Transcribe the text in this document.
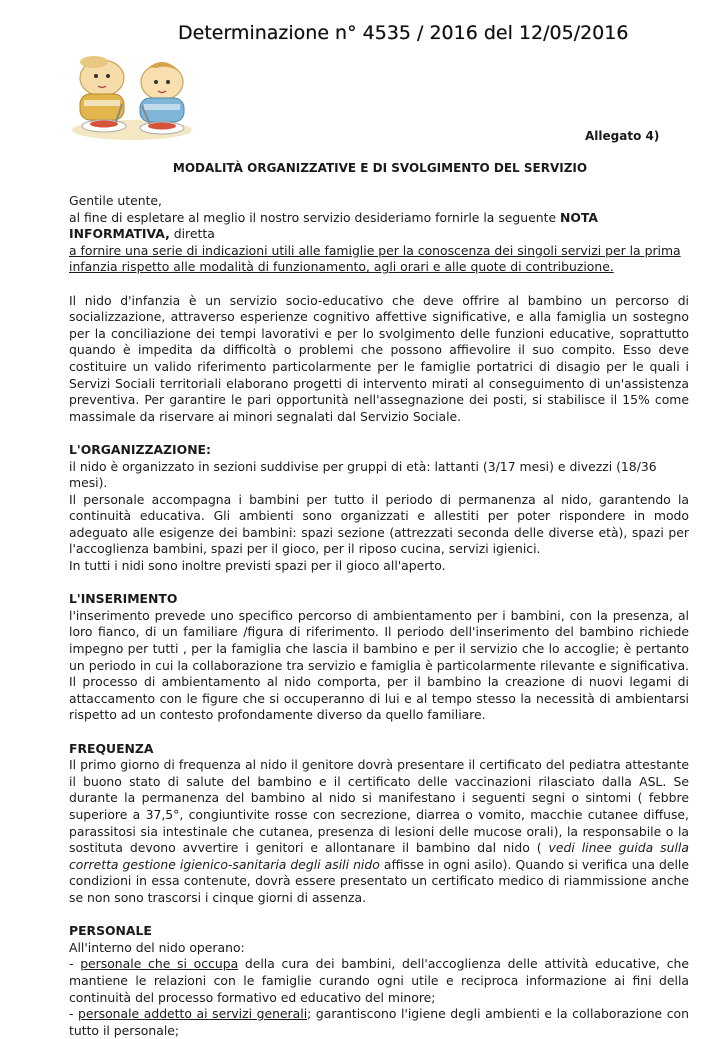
Determinazione n° 4535 / 2016 del 12/05/2016
Allegato 4)
MODALITÀ ORGANIZZATIVE E DI SVOLGIMENTO DEL SERVIZIO

Gentile utente,

al fine di espletare al meglio il nostro servizio desideriamo fornirle la seguente NOTA INFORMATIVA, diretta

a fornire una serie di indicazioni utili alle famiglie per la conoscenza dei singoli servizi per la prima infanzia rispetto alle modalità di funzionamento, agli orari e alle quote di contribuzione.

Il nido d'infanzia è un servizio socio-educativo che deve offrire al bambino un percorso di socializzazione, attraverso esperienze cognitivo affettive significative, e alla famiglia un sostegno per la conciliazione dei tempi lavorativi e per lo svolgimento delle funzioni educative, soprattutto quando è impedita da difficoltà o problemi che possono affievolire il suo compito. Esso deve costituire un valido riferimento particolarmente per le famiglie portatrici di disagio per le quali i Servizi Sociali territoriali elaborano progetti di intervento mirati al conseguimento di un'assistenza preventiva. Per garantire le pari opportunità nell'assegnazione dei posti, si stabilisce il 15% come massimale da riservare ai minori segnalati dal Servizio Sociale.

L'ORGANIZZAZIONE:

il nido è organizzato in sezioni suddivise per gruppi di età: lattanti (3/17 mesi) e divezzi (18/36 mesi).

Il personale accompagna i bambini per tutto il periodo di permanenza al nido, garantendo la continuità educativa. Gli ambienti sono organizzati e allestiti per poter rispondere in modo adeguato alle esigenze dei bambini: spazi sezione (attrezzati seconda delle diverse età), spazi per l'accoglienza bambini, spazi per il gioco, per il riposo cucina, servizi igienici.

In tutti i nidi sono inoltre previsti spazi per il gioco all'aperto.

L'INSERIMENTO

l'inserimento prevede uno specifico percorso di ambientamento per i bambini, con la presenza, al loro fianco, di un familiare /figura di riferimento. Il periodo dell'inserimento del bambino richiede impegno per tutti , per la famiglia che lascia il bambino e per il servizio che lo accoglie; è pertanto un periodo in cui la collaborazione tra servizio e famiglia è particolarmente rilevante e significativa. Il processo di ambientamento al nido comporta, per il bambino la creazione di nuovi legami di attaccamento con le figure che si occuperanno di lui e al tempo stesso la necessità di ambientarsi rispetto ad un contesto profondamente diverso da quello familiare.

FREQUENZA

Il primo giorno di frequenza al nido il genitore dovrà presentare il certificato del pediatra attestante il buono stato di salute del bambino e il certificato delle vaccinazioni rilasciato dalla ASL. Se durante la permanenza del bambino al nido si manifestano i seguenti segni o sintomi ( febbre superiore a 37,5°, congiuntivite rosse con secrezione, diarrea o vomito, macchie cutanee diffuse, parassitosi sia intestinale che cutanea, presenza di lesioni delle mucose orali), la responsabile o la sostituta devono avvertire i genitori e allontanare il bambino dal nido ( vedi linee guida sulla corretta gestione igienico-sanitaria degli asili nido affisse in ogni asilo). Quando si verifica una delle condizioni in essa contenute, dovrà essere presentato un certificato medico di riammissione anche se non sono trascorsi i cinque giorni di assenza.

PERSONALE

All'interno del nido operano:

- personale che si occupa della cura dei bambini, dell'accoglienza delle attività educative, che mantiene le relazioni con le famiglie curando ogni utile e reciproca informazione ai fini della continuità del processo formativo ed educativo del minore;

- personale addetto ai servizi generali; garantiscono l'igiene degli ambienti e la collaborazione con tutto il personale;
